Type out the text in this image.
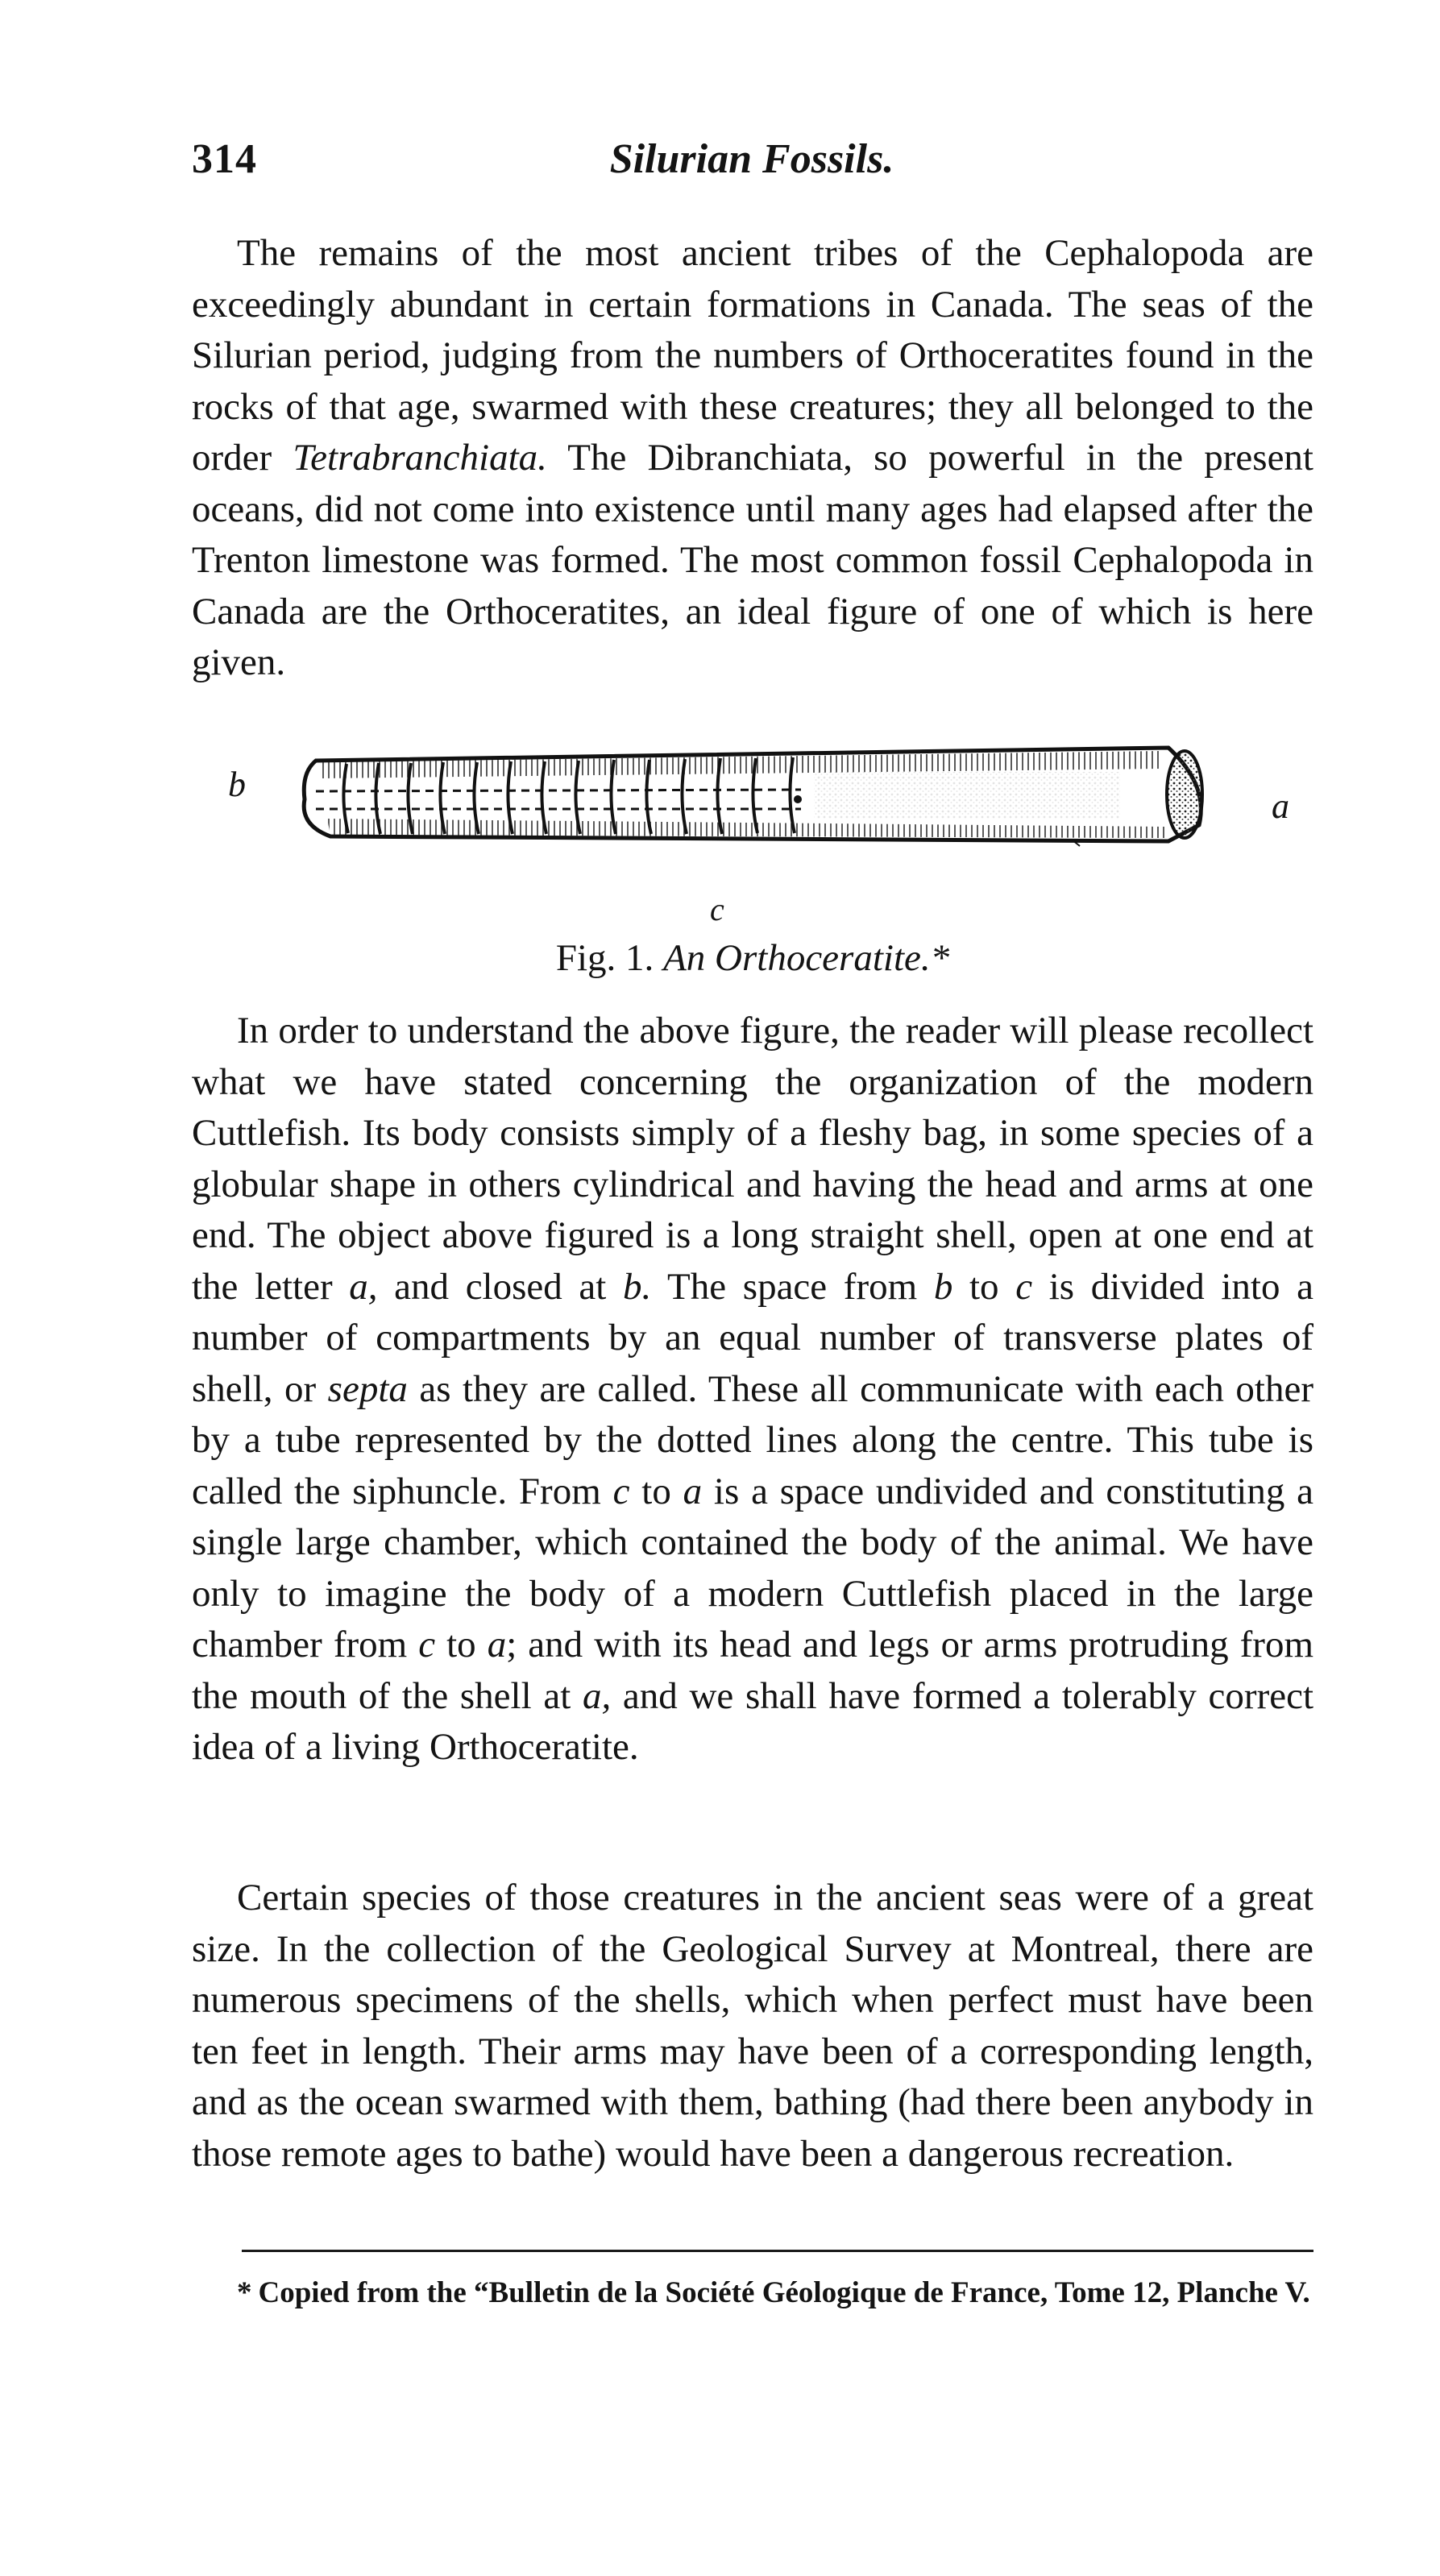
314	Silurian Fossils.

The remains of the most ancient tribes of the Cephalopoda are exceedingly abundant in certain formations in Canada. The seas of the Silurian period, judging from the numbers of Orthoceratites found in the rocks of that age, swarmed with these creatures; they all belonged to the order Tetrabranchiata. The Dibranchiata, so powerful in the present oceans, did not come into existence until many ages had elapsed after the Trenton limestone was formed. The most common fossil Cephalopoda in Canada are the Orthoceratites, an ideal figure of one of which is here given.

b
a
c
Fig. 1. An Orthoceratite.*

In order to understand the above figure, the reader will please recollect what we have stated concerning the organization of the modern Cuttlefish. Its body consists simply of a fleshy bag, in some species of a globular shape in others cylindrical and having the head and arms at one end. The object above figured is a long straight shell, open at one end at the letter a, and closed at b. The space from b to c is divided into a number of compartments by an equal number of transverse plates of shell, or septa as they are called. These all communicate with each other by a tube represented by the dotted lines along the centre. This tube is called the siphuncle. From c to a is a space undivided and constituting a single large chamber, which contained the body of the animal. We have only to imagine the body of a modern Cuttlefish placed in the large chamber from c to a; and with its head and legs or arms protruding from the mouth of the shell at a, and we shall have formed a tolerably correct idea of a living Orthoceratite.

Certain species of those creatures in the ancient seas were of a great size. In the collection of the Geological Survey at Montreal, there are numerous specimens of the shells, which when perfect must have been ten feet in length. Their arms may have been of a corresponding length, and as the ocean swarmed with them, bathing (had there been anybody in those remote ages to bathe) would have been a dangerous recreation.

* Copied from the “Bulletin de la Société Géologique de France, Tome 12, Planche V.
